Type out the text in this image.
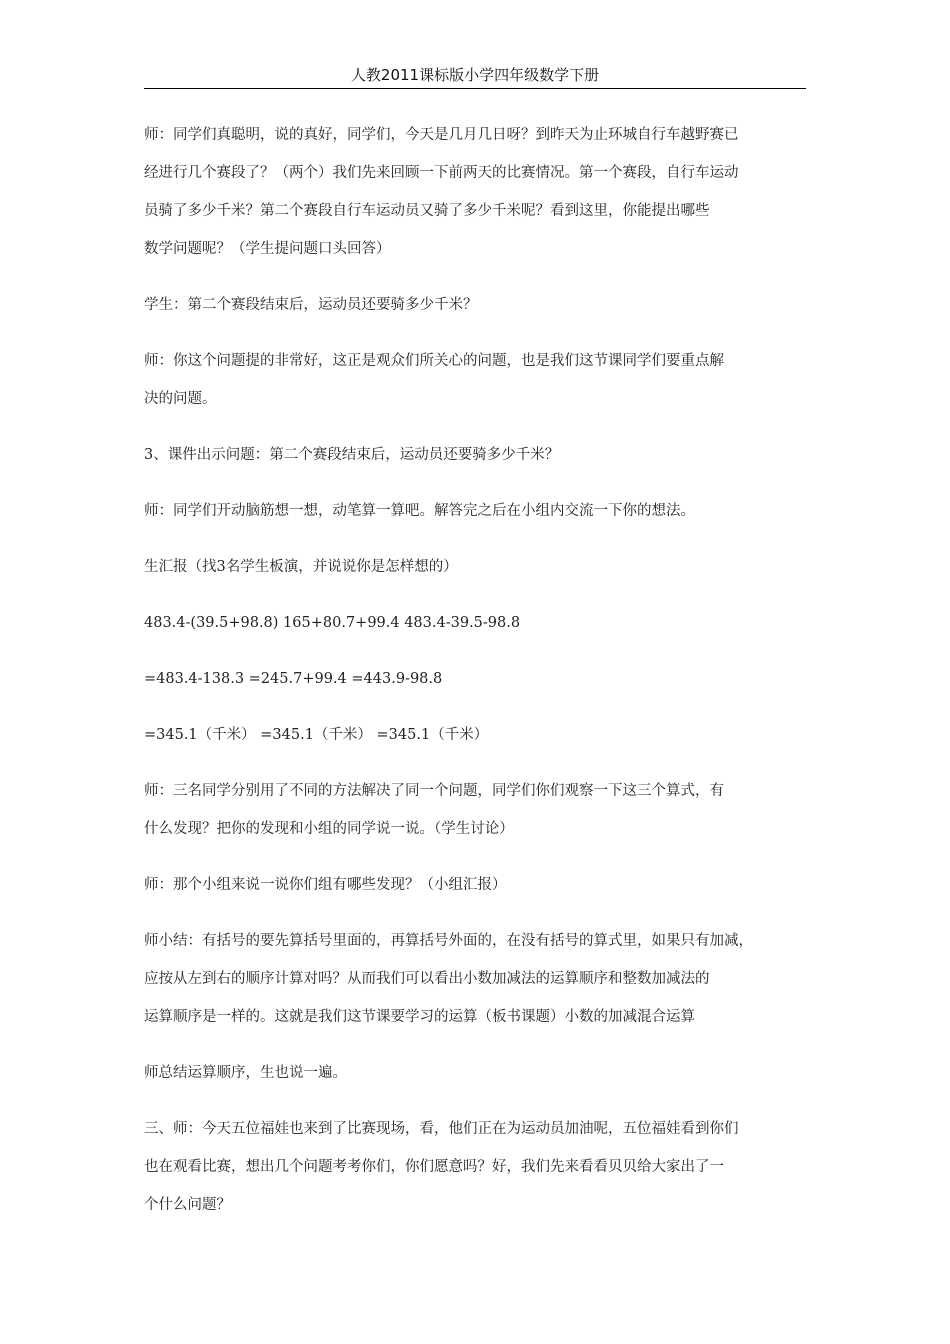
人教2011课标版小学四年级数学下册

师：同学们真聪明，说的真好，同学们，今天是几月几日呀？到昨天为止环城自行车越野赛已
经进行几个赛段了？（两个）我们先来回顾一下前两天的比赛情况。第一个赛段，自行车运动
员骑了多少千米？第二个赛段自行车运动员又骑了多少千米呢？看到这里，你能提出哪些
数学问题呢？（学生提问题口头回答）

学生：第二个赛段结束后，运动员还要骑多少千米？

师：你这个问题提的非常好，这正是观众们所关心的问题，也是我们这节课同学们要重点解
决的问题。

3、课件出示问题：第二个赛段结束后，运动员还要骑多少千米？

师：同学们开动脑筋想一想，动笔算一算吧。解答完之后在小组内交流一下你的想法。

生汇报（找3名学生板演，并说说你是怎样想的）

483.4-(39.5+98.8) 165+80.7+99.4 483.4-39.5-98.8

=483.4-138.3 =245.7+99.4 =443.9-98.8

=345.1（千米） =345.1（千米） =345.1（千米）

师：三名同学分别用了不同的方法解决了同一个问题，同学们你们观察一下这三个算式，有
什么发现？把你的发现和小组的同学说一说。（学生讨论）

师：那个小组来说一说你们组有哪些发现？（小组汇报）

师小结：有括号的要先算括号里面的，再算括号外面的，在没有括号的算式里，如果只有加减，
应按从左到右的顺序计算对吗？从而我们可以看出小数加减法的运算顺序和整数加减法的
运算顺序是一样的。这就是我们这节课要学习的运算（板书课题）小数的加减混合运算

师总结运算顺序，生也说一遍。

三、师：今天五位福娃也来到了比赛现场，看，他们正在为运动员加油呢，五位福娃看到你们
也在观看比赛，想出几个问题考考你们，你们愿意吗？好，我们先来看看贝贝给大家出了一
个什么问题？
